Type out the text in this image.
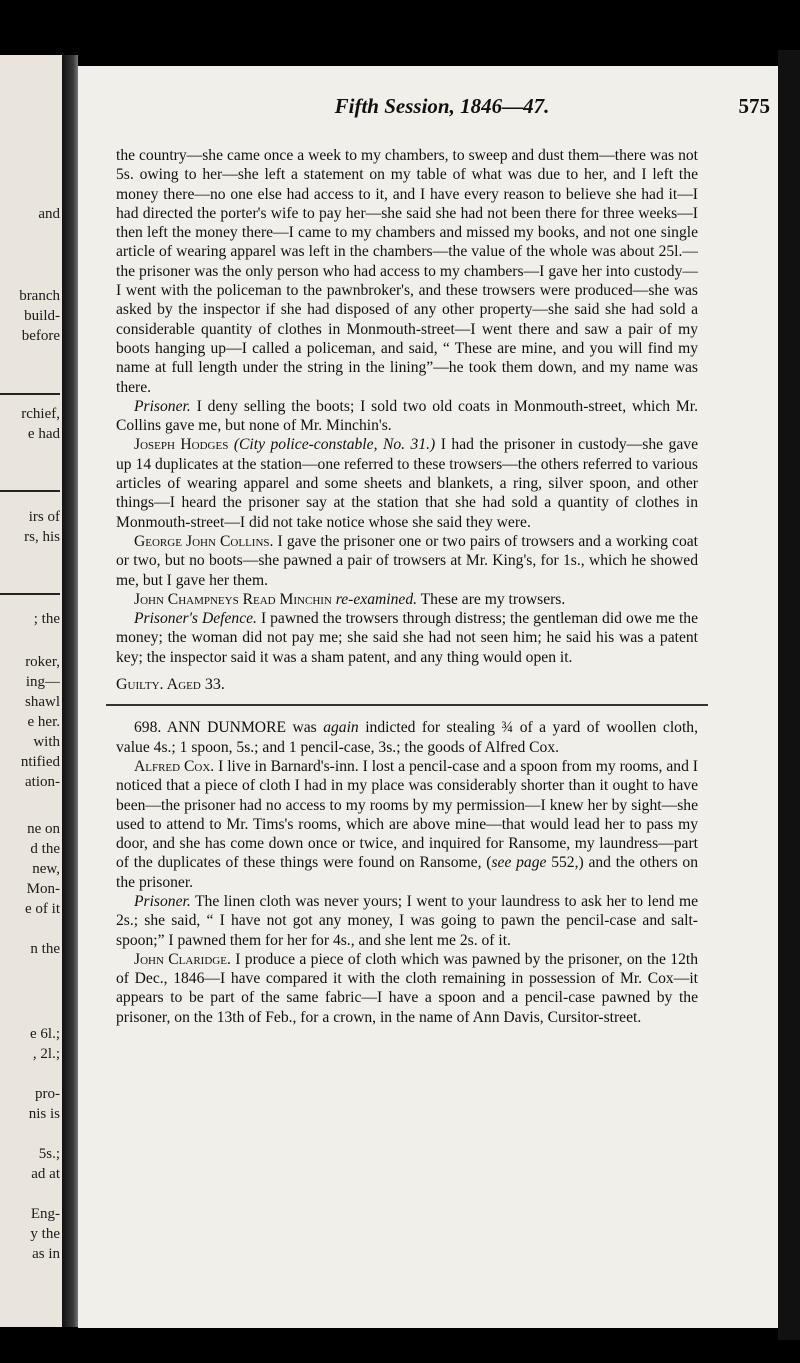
and
branch
build-
before
rchief,
e had
irs of
rs, his
; the
roker,
ing—
shawl
e her.
with
ntified
ation-
ne on
d the
new,
Mon-
e of it
n the
e 6l.;
, 2l.;
pro-
nis is
5s.;
ad at
Eng-
y the
as in
Fifth Session, 1846—47.	575

the country—she came once a week to my chambers, to sweep and dust them—there was not 5s. owing to her—she left a statement on my table of what was due to her, and I left the money there—no one else had access to it, and I have every reason to believe she had it—I had directed the porter's wife to pay her—she said she had not been there for three weeks—I then left the money there—I came to my chambers and missed my books, and not one single article of wearing apparel was left in the chambers—the value of the whole was about 25l.—the prisoner was the only person who had access to my chambers—I gave her into custody—I went with the policeman to the pawnbroker's, and these trowsers were produced—she was asked by the inspector if she had disposed of any other property—she said she had sold a considerable quantity of clothes in Monmouth-street—I went there and saw a pair of my boots hanging up—I called a policeman, and said, “ These are mine, and you will find my name at full length under the string in the lining”—he took them down, and my name was there.

Prisoner. I deny selling the boots; I sold two old coats in Monmouth-street, which Mr. Collins gave me, but none of Mr. Minchin's.

Joseph Hodges (City police-constable, No. 31.) I had the prisoner in custody—she gave up 14 duplicates at the station—one referred to these trowsers—the others referred to various articles of wearing apparel and some sheets and blankets, a ring, silver spoon, and other things—I heard the prisoner say at the station that she had sold a quantity of clothes in Monmouth-street—I did not take notice whose she said they were.

George John Collins. I gave the prisoner one or two pairs of trowsers and a working coat or two, but no boots—she pawned a pair of trowsers at Mr. King's, for 1s., which he showed me, but I gave her them.

John Champneys Read Minchin re-examined. These are my trowsers.

Prisoner's Defence. I pawned the trowsers through distress; the gentleman did owe me the money; the woman did not pay me; she said she had not seen him; he said his was a patent key; the inspector said it was a sham patent, and any thing would open it.

Guilty. Aged 33.

698. ANN DUNMORE was again indicted for stealing ¾ of a yard of woollen cloth, value 4s.; 1 spoon, 5s.; and 1 pencil-case, 3s.; the goods of Alfred Cox.

Alfred Cox. I live in Barnard's-inn. I lost a pencil-case and a spoon from my rooms, and I noticed that a piece of cloth I had in my place was considerably shorter than it ought to have been—the prisoner had no access to my rooms by my permission—I knew her by sight—she used to attend to Mr. Tims's rooms, which are above mine—that would lead her to pass my door, and she has come down once or twice, and inquired for Ransome, my laundress—part of the duplicates of these things were found on Ransome, (see page 552,) and the others on the prisoner.

Prisoner. The linen cloth was never yours; I went to your laundress to ask her to lend me 2s.; she said, “ I have not got any money, I was going to pawn the pencil-case and salt-spoon;” I pawned them for her for 4s., and she lent me 2s. of it.

John Claridge. I produce a piece of cloth which was pawned by the prisoner, on the 12th of Dec., 1846—I have compared it with the cloth remaining in possession of Mr. Cox—it appears to be part of the same fabric—I have a spoon and a pencil-case pawned by the prisoner, on the 13th of Feb., for a crown, in the name of Ann Davis, Cursitor-street.
